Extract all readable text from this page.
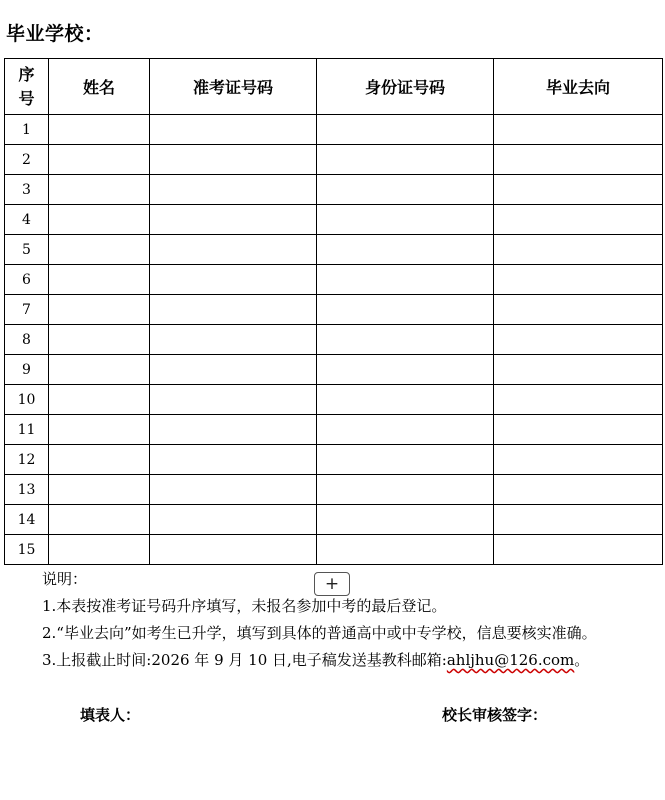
毕业学校：
序
号	姓名	准考证号码	身份证号码	毕业去向
1				
2				
3				
4				
5				
6				
7				
8				
9				
10				
11				
12				
13				
14				
15				
+

说明：

1.本表按准考证号码升序填写，未报名参加中考的最后登记。

2.“毕业去向”如考生已升学，填写到具体的普通高中或中专学校，信息要核实准确。

3.上报截止时间:2026 年 9 月 10 日,电子稿发送基教科邮箱:ahljhu@126.com。

填表人：	校长审核签字：
